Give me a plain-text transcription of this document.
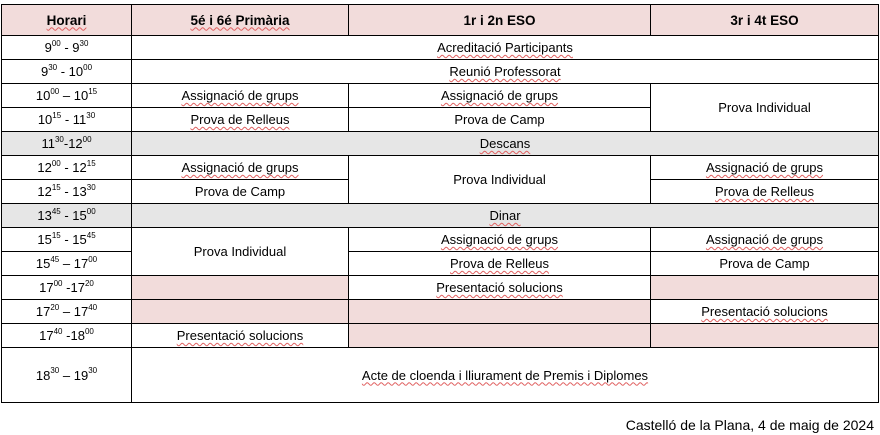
Horari	5é i 6é Primària	1r i 2n ESO	3r i 4t ESO
$9^{00} - 9^{30}$	Acreditació Participants		
$9^{30} - 10^{00}$	Reunió Professorat		
$10^{00} - 10^{15}$	Assignació de grups	Assignació de grups	Prova Individual
$10^{15} - 11^{30}$	Prova de Relleus	Prova de Camp	
$11^{30}-12^{00}$	Descans		
$12^{00} - 12^{15}$	Assignació de grups	Prova Individual	Assignació de grups
$12^{15} - 13^{30}$	Prova de Camp		Prova de Relleus
$13^{45} - 15^{00}$	Dinar		
$15^{15} - 15^{45}$	Prova Individual	Assignació de grups	Assignació de grups
$15^{45} - 17^{00}$		Prova de Relleus	Prova de Camp
$17^{00}$ $-17^{20}$		Presentació solucions	
$17^{20} - 17^{40}$			Presentació solucions
$17^{40}$ $-18^{00}$	Presentació solucions		
$18^{30} - 19^{30}$	Acte de cloenda i lliurament de Premis i Diplomes		
Castelló de la Plana, 4 de maig de 2024
